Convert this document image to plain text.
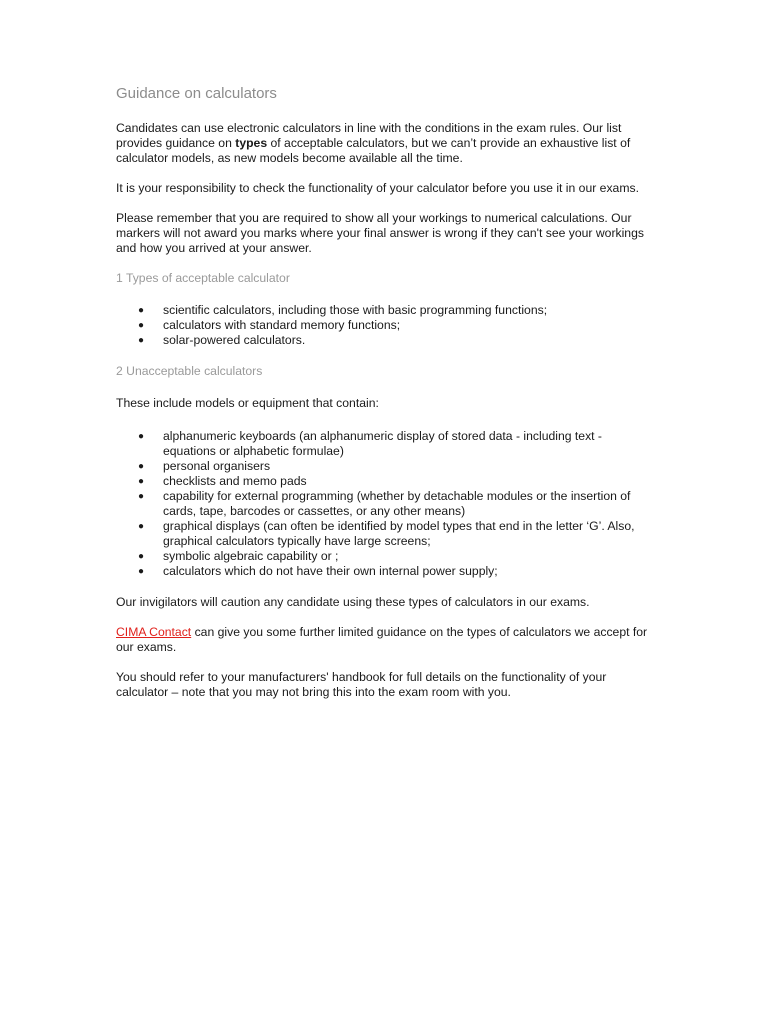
Guidance on calculators

Candidates can use electronic calculators in line with the conditions in the exam rules. Our list provides guidance on types of acceptable calculators, but we can’t provide an exhaustive list of calculator models, as new models become available all the time.

It is your responsibility to check the functionality of your calculator before you use it in our exams.

Please remember that you are required to show all your workings to numerical calculations. Our markers will not award you marks where your final answer is wrong if they can't see your workings and how you arrived at your answer.

1 Types of acceptable calculator
● scientific calculators, including those with basic programming functions;
● calculators with standard memory functions;
● solar-powered calculators.
2 Unacceptable calculators

These include models or equipment that contain:

● alphanumeric keyboards (an alphanumeric display of stored data - including text - equations or alphabetic formulae)
● personal organisers
● checklists and memo pads
● capability for external programming (whether by detachable modules or the insertion of cards, tape, barcodes or cassettes, or any other means)
● graphical displays (can often be identified by model types that end in the letter ‘G’. Also, graphical calculators typically have large screens;
● symbolic algebraic capability or ;
● calculators which do not have their own internal power supply;

Our invigilators will caution any candidate using these types of calculators in our exams.

CIMA Contact can give you some further limited guidance on the types of calculators we accept for our exams.

You should refer to your manufacturers' handbook for full details on the functionality of your calculator – note that you may not bring this into the exam room with you.
